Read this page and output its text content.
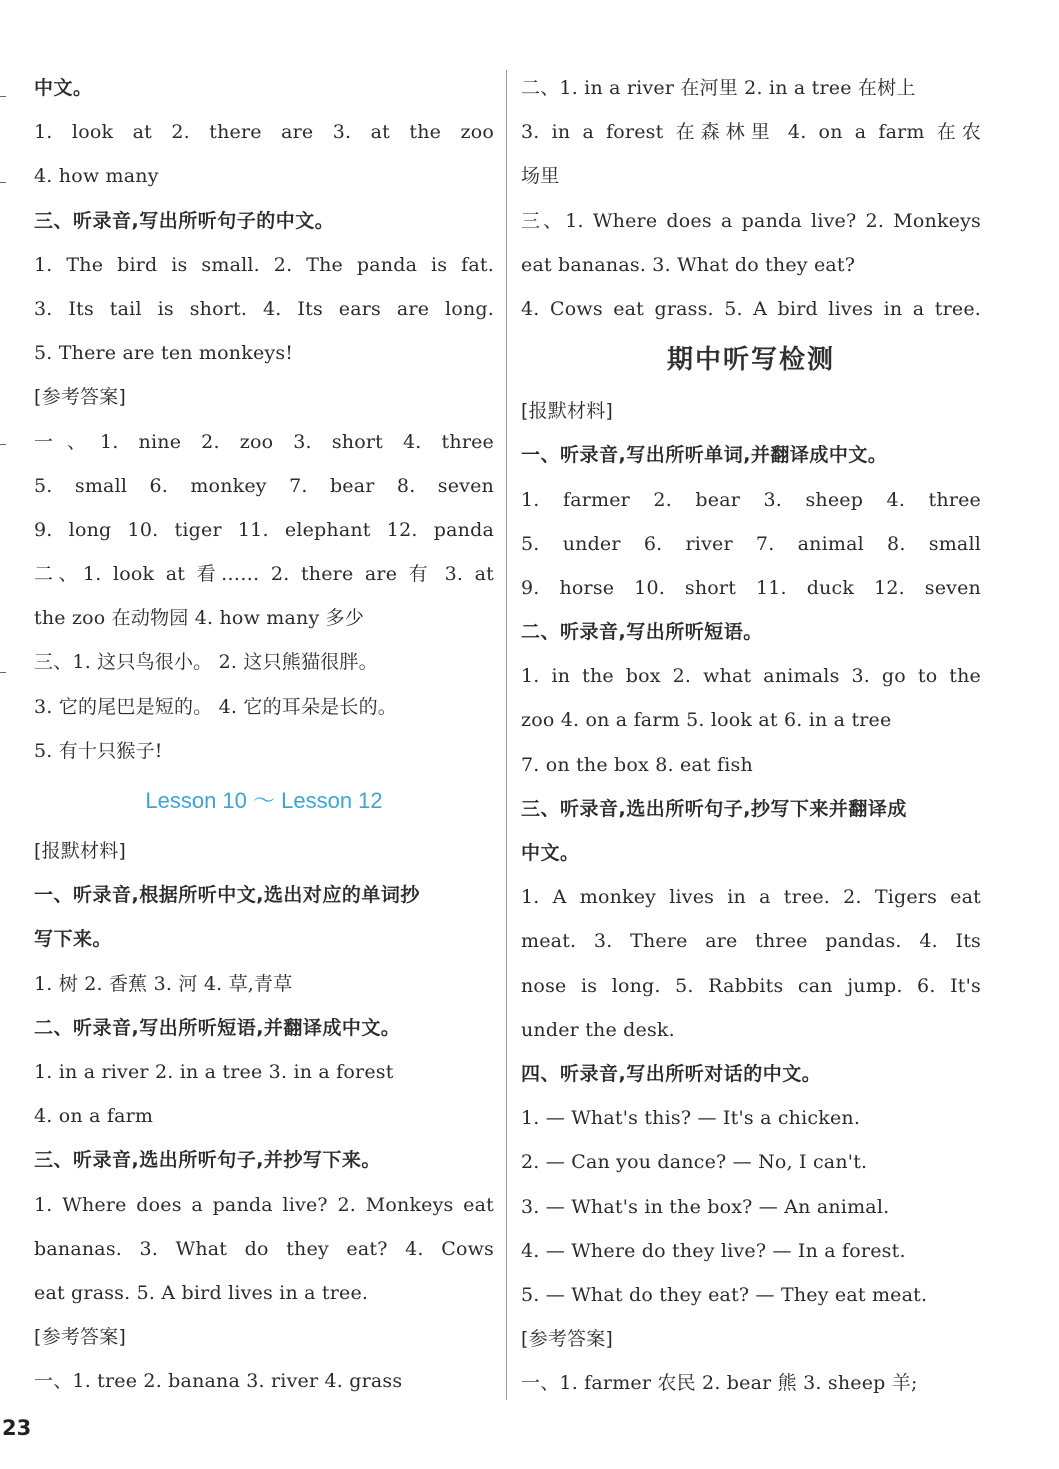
中文。
1. look at 2. there are 3. at the zoo
4. how many
三、听录音,写出所听句子的中文。
1. The bird is small. 2. The panda is fat.
3. Its tail is short. 4. Its ears are long.
5. There are ten monkeys!
[参考答案]
一、1. nine 2. zoo 3. short 4. three
5. small 6. monkey 7. bear 8. seven
9. long 10. tiger 11. elephant 12. panda
二、1. look at 看…… 2. there are 有 3. at
the zoo 在动物园 4. how many 多少
三、1. 这只鸟很小。 2. 这只熊猫很胖。
3. 它的尾巴是短的。 4. 它的耳朵是长的。
5. 有十只猴子!
Lesson 10 ～ Lesson 12
[报默材料]
一、听录音,根据所听中文,选出对应的单词抄
写下来。
1. 树 2. 香蕉 3. 河 4. 草,青草
二、听录音,写出所听短语,并翻译成中文。
1. in a river 2. in a tree 3. in a forest
4. on a farm
三、听录音,选出所听句子,并抄写下来。
1. Where does a panda live? 2. Monkeys eat
bananas. 3. What do they eat? 4. Cows
eat grass. 5. A bird lives in a tree.
[参考答案]
一、1. tree 2. banana 3. river 4. grass
二、1. in a river 在河里 2. in a tree 在树上
3. in a forest 在森林里 4. on a farm 在农
场里
三、1. Where does a panda live? 2. Monkeys
eat bananas. 3. What do they eat?
4. Cows eat grass. 5. A bird lives in a tree.
期中听写检测
[报默材料]
一、听录音,写出所听单词,并翻译成中文。
1. farmer 2. bear 3. sheep 4. three
5. under 6. river 7. animal 8. small
9. horse 10. short 11. duck 12. seven
二、听录音,写出所听短语。
1. in the box 2. what animals 3. go to the
zoo 4. on a farm 5. look at 6. in a tree
7. on the box 8. eat fish
三、听录音,选出所听句子,抄写下来并翻译成
中文。
1. A monkey lives in a tree. 2. Tigers eat
meat. 3. There are three pandas. 4. Its
nose is long. 5. Rabbits can jump. 6. It's
under the desk.
四、听录音,写出所听对话的中文。
1. — What's this? — It's a chicken.
2. — Can you dance? — No, I can't.
3. — What's in the box? — An animal.
4. — Where do they live? — In a forest.
5. — What do they eat? — They eat meat.
[参考答案]
一、1. farmer 农民 2. bear 熊 3. sheep 羊;
23
